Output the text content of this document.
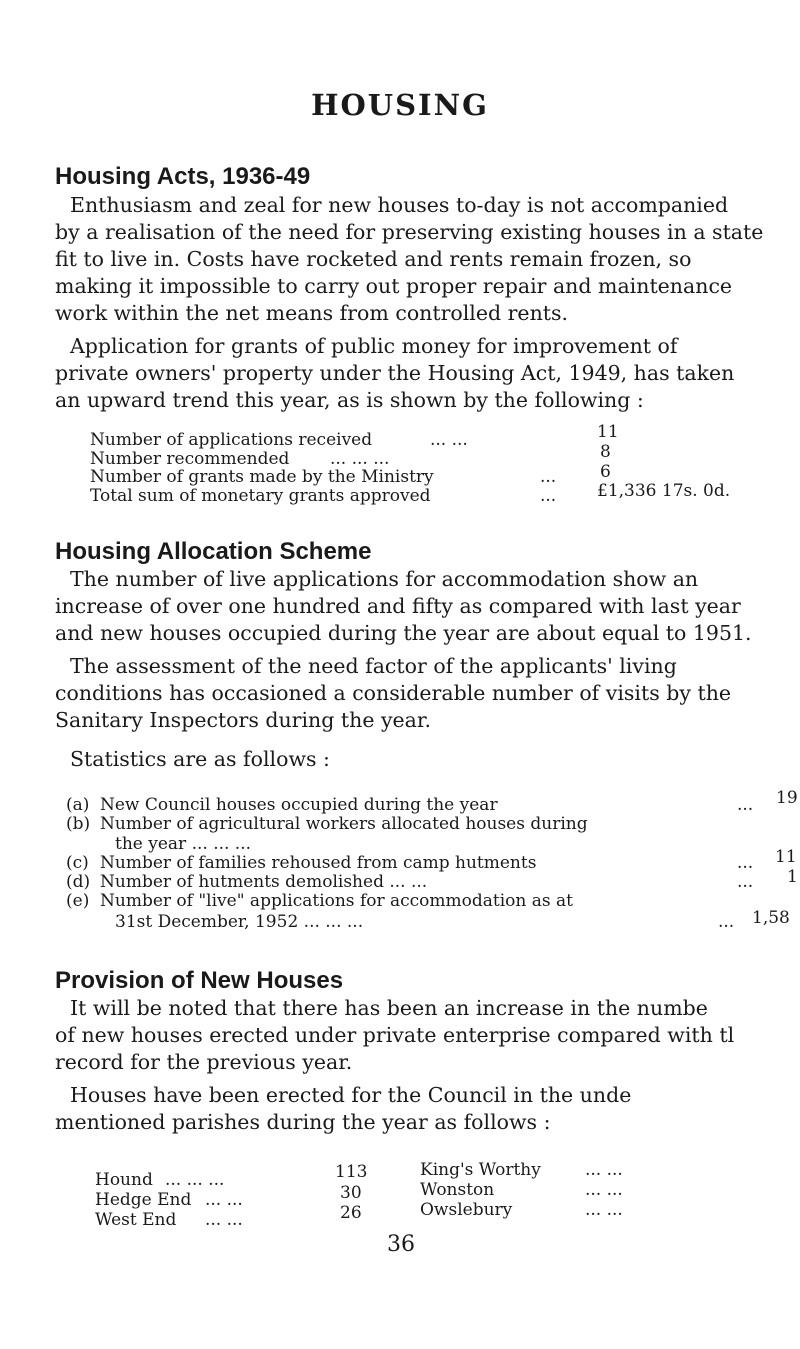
HOUSING
Housing Acts, 1936-49
Enthusiasm and zeal for new houses to-day is not accompanied
by a realisation of the need for preserving existing houses in a state
fit to live in. Costs have rocketed and rents remain frozen, so
making it impossible to carry out proper repair and maintenance
work within the net means from controlled rents.
Application for grants of public money for improvement of
private owners' property under the Housing Act, 1949, has taken
an upward trend this year, as is shown by the following :
Number of applications received	... ...	11
Number recommended ... ... ...	8
Number of grants made by the Ministry	...	6
Total sum of monetary grants approved	... £1,336 17s. 0d.
Housing Allocation Scheme
The number of live applications for accommodation show an
increase of over one hundred and fifty as compared with last year
and new houses occupied during the year are about equal to 1951.
The assessment of the need factor of the applicants' living
conditions has occasioned a considerable number of visits by the
Sanitary Inspectors during the year.
Statistics are as follows :
(a) New Council houses occupied during the year	... 19
(b) Number of agricultural workers allocated houses during
the year ... ... ...
(c) Number of families rehoused from camp hutments	... 11
(d) Number of hutments demolished ... ...	... 1
(e) Number of "live" applications for accommodation as at
31st December, 1952 ... ... ...	... 1,58
Provision of New Houses
It will be noted that there has been an increase in the numbe
of new houses erected under private enterprise compared with tl
record for the previous year.
Houses have been erected for the Council in the unde
mentioned parishes during the year as follows :
Hound ... ... ...	113
Hedge End ... ...	30
West End ... ...	26
King's Worthy	... ...
Wonston	... ...
Owslebury	... ...
36
